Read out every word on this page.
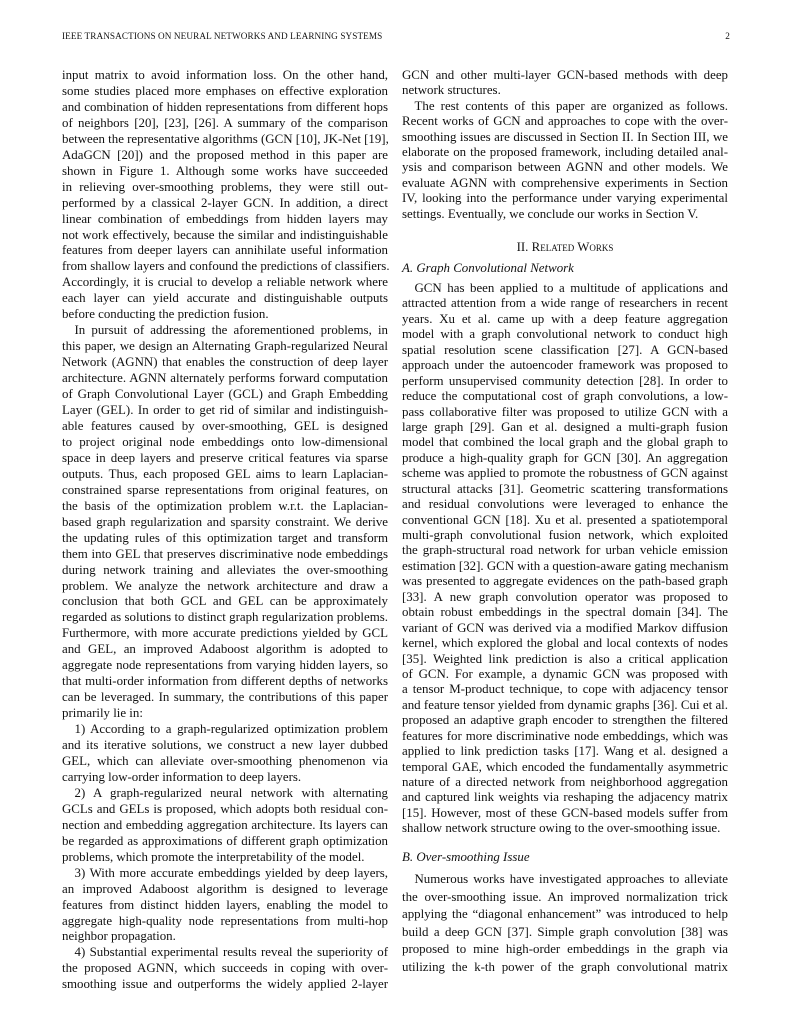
IEEE TRANSACTIONS ON NEURAL NETWORKS AND LEARNING SYSTEMS	2
input matrix to avoid information loss. On the other hand,
some studies placed more emphases on effective exploration
and combination of hidden representations from different hops
of neighbors [20], [23], [26]. A summary of the comparison
between the representative algorithms (GCN [10], JK-Net [19],
AdaGCN [20]) and the proposed method in this paper are
shown in Figure 1. Although some works have succeeded
in relieving over-smoothing problems, they were still out-
performed by a classical 2-layer GCN. In addition, a direct
linear combination of embeddings from hidden layers may
not work effectively, because the similar and indistinguishable
features from deeper layers can annihilate useful information
from shallow layers and confound the predictions of classifiers.
Accordingly, it is crucial to develop a reliable network where
each layer can yield accurate and distinguishable outputs
before conducting the prediction fusion.
In pursuit of addressing the aforementioned problems, in
this paper, we design an Alternating Graph-regularized Neural
Network (AGNN) that enables the construction of deep layer
architecture. AGNN alternately performs forward computation
of Graph Convolutional Layer (GCL) and Graph Embedding
Layer (GEL). In order to get rid of similar and indistinguish-
able features caused by over-smoothing, GEL is designed
to project original node embeddings onto low-dimensional
space in deep layers and preserve critical features via sparse
outputs. Thus, each proposed GEL aims to learn Laplacian-
constrained sparse representations from original features, on
the basis of the optimization problem w.r.t. the Laplacian-
based graph regularization and sparsity constraint. We derive
the updating rules of this optimization target and transform
them into GEL that preserves discriminative node embeddings
during network training and alleviates the over-smoothing
problem. We analyze the network architecture and draw a
conclusion that both GCL and GEL can be approximately
regarded as solutions to distinct graph regularization problems.
Furthermore, with more accurate predictions yielded by GCL
and GEL, an improved Adaboost algorithm is adopted to
aggregate node representations from varying hidden layers, so
that multi-order information from different depths of networks
can be leveraged. In summary, the contributions of this paper
primarily lie in:
1) According to a graph-regularized optimization problem
and its iterative solutions, we construct a new layer dubbed
GEL, which can alleviate over-smoothing phenomenon via
carrying low-order information to deep layers.
2) A graph-regularized neural network with alternating
GCLs and GELs is proposed, which adopts both residual con-
nection and embedding aggregation architecture. Its layers can
be regarded as approximations of different graph optimization
problems, which promote the interpretability of the model.
3) With more accurate embeddings yielded by deep layers,
an improved Adaboost algorithm is designed to leverage
features from distinct hidden layers, enabling the model to
aggregate high-quality node representations from multi-hop
neighbor propagation.
4) Substantial experimental results reveal the superiority of
the proposed AGNN, which succeeds in coping with over-
smoothing issue and outperforms the widely applied 2-layer
GCN and other multi-layer GCN-based methods with deep
network structures.
The rest contents of this paper are organized as follows.
Recent works of GCN and approaches to cope with the over-
smoothing issues are discussed in Section II. In Section III, we
elaborate on the proposed framework, including detailed anal-
ysis and comparison between AGNN and other models. We
evaluate AGNN with comprehensive experiments in Section
IV, looking into the performance under varying experimental
settings. Eventually, we conclude our works in Section V.
II. Related Works
A. Graph Convolutional Network
GCN has been applied to a multitude of applications and
attracted attention from a wide range of researchers in recent
years. Xu et al. came up with a deep feature aggregation
model with a graph convolutional network to conduct high
spatial resolution scene classification [27]. A GCN-based
approach under the autoencoder framework was proposed to
perform unsupervised community detection [28]. In order to
reduce the computational cost of graph convolutions, a low-
pass collaborative filter was proposed to utilize GCN with a
large graph [29]. Gan et al. designed a multi-graph fusion
model that combined the local graph and the global graph to
produce a high-quality graph for GCN [30]. An aggregation
scheme was applied to promote the robustness of GCN against
structural attacks [31]. Geometric scattering transformations
and residual convolutions were leveraged to enhance the
conventional GCN [18]. Xu et al. presented a spatiotemporal
multi-graph convolutional fusion network, which exploited
the graph-structural road network for urban vehicle emission
estimation [32]. GCN with a question-aware gating mechanism
was presented to aggregate evidences on the path-based graph
[33]. A new graph convolution operator was proposed to
obtain robust embeddings in the spectral domain [34]. The
variant of GCN was derived via a modified Markov diffusion
kernel, which explored the global and local contexts of nodes
[35]. Weighted link prediction is also a critical application
of GCN. For example, a dynamic GCN was proposed with
a tensor M-product technique, to cope with adjacency tensor
and feature tensor yielded from dynamic graphs [36]. Cui et al.
proposed an adaptive graph encoder to strengthen the filtered
features for more discriminative node embeddings, which was
applied to link prediction tasks [17]. Wang et al. designed a
temporal GAE, which encoded the fundamentally asymmetric
nature of a directed network from neighborhood aggregation
and captured link weights via reshaping the adjacency matrix
[15]. However, most of these GCN-based models suffer from
shallow network structure owing to the over-smoothing issue.
B. Over-smoothing Issue
Numerous works have investigated approaches to alleviate
the over-smoothing issue. An improved normalization trick
applying the “diagonal enhancement” was introduced to help
build a deep GCN [37]. Simple graph convolution [38] was
proposed to mine high-order embeddings in the graph via
utilizing the k-th power of the graph convolutional matrix
